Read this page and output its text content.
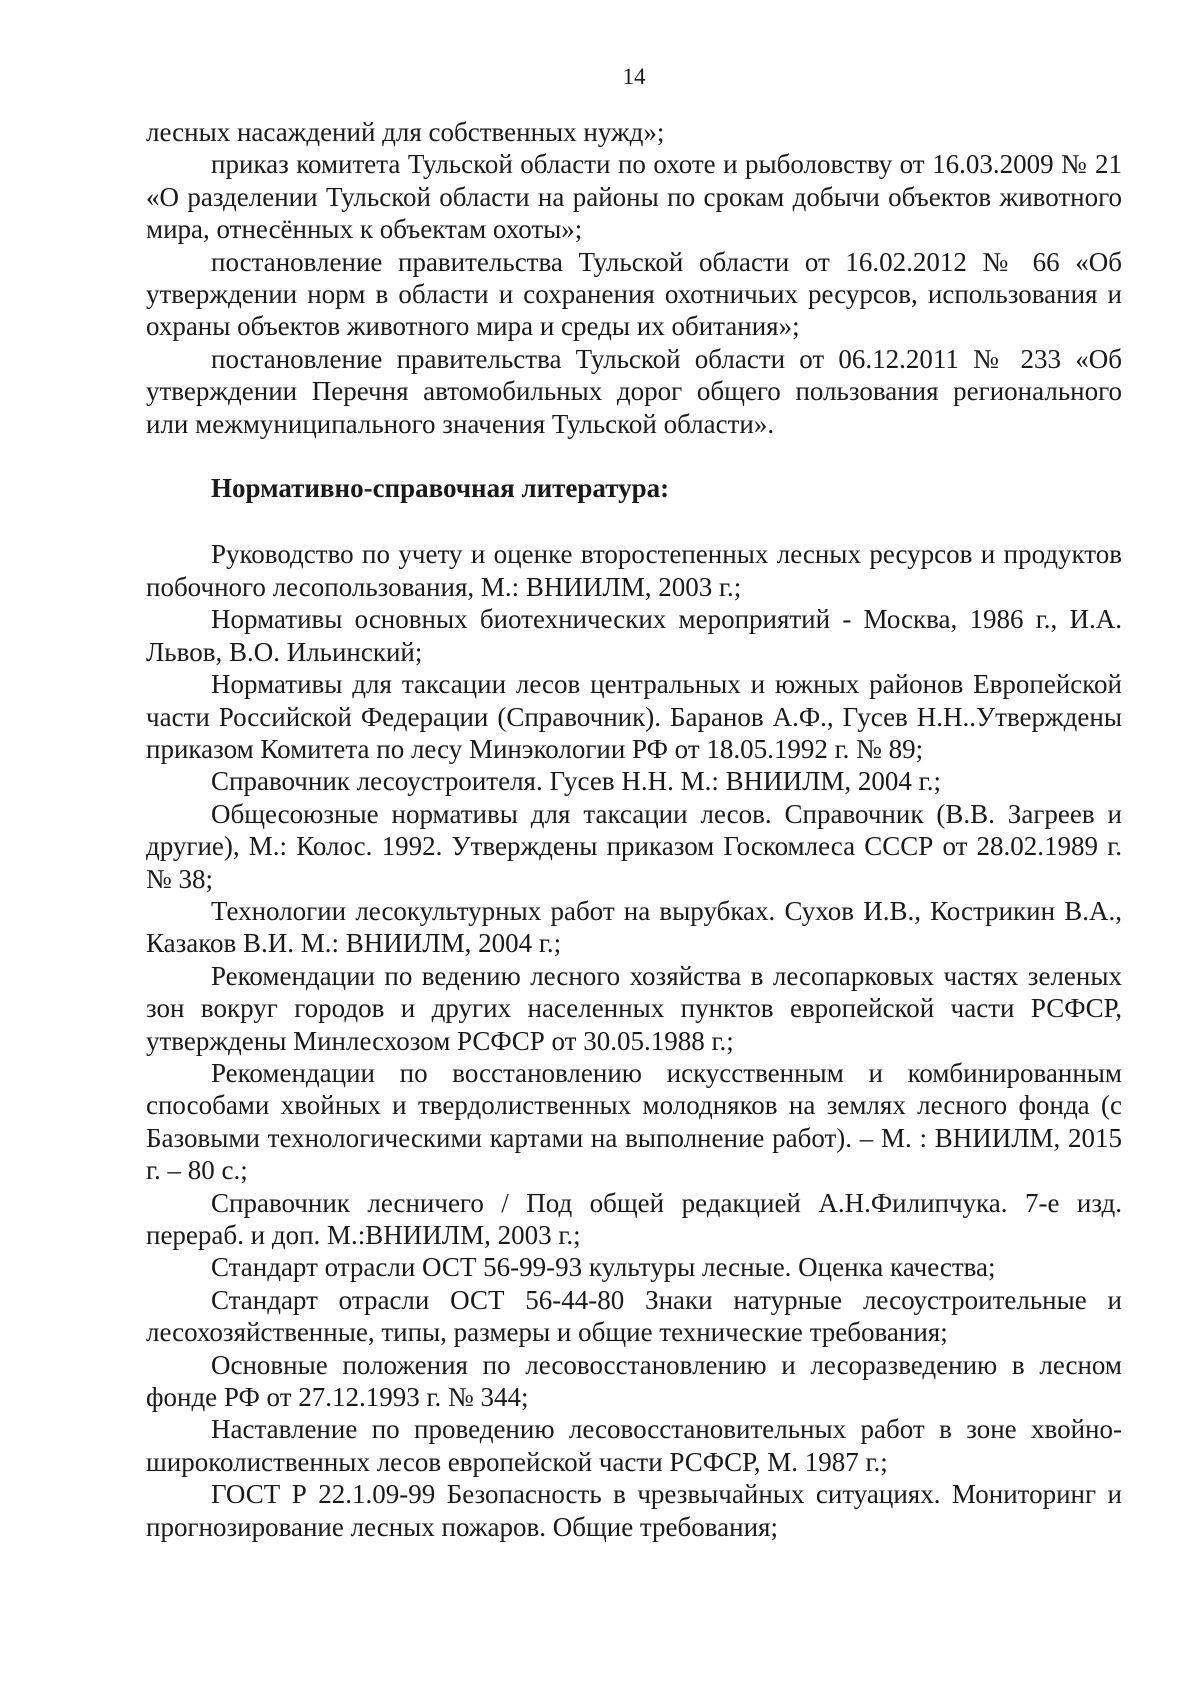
14

лесных насаждений для собственных нужд»;

приказ комитета Тульской области по охоте и рыболовству от 16.03.2009 № 21 «О разделении Тульской области на районы по срокам добычи объектов животного мира, отнесённых к объектам охоты»;

постановление правительства Тульской области от 16.02.2012 № 66 «Об утверждении норм в области и сохранения охотничьих ресурсов, использования и охраны объектов животного мира и среды их обитания»;

постановление правительства Тульской области от 06.12.2011 № 233 «Об утверждении Перечня автомобильных дорог общего пользования регионального или межмуниципального значения Тульской области».

Нормативно-справочная литература:

Руководство по учету и оценке второстепенных лесных ресурсов и продуктов побочного лесопользования, М.: ВНИИЛМ, 2003 г.;

Нормативы основных биотехнических мероприятий - Москва, 1986 г., И.А. Львов, В.О. Ильинский;

Нормативы для таксации лесов центральных и южных районов Европейской части Российской Федерации (Справочник). Баранов А.Ф., Гусев Н.Н..Утверждены приказом Комитета по лесу Минэкологии РФ от 18.05.1992 г. № 89;

Справочник лесоустроителя. Гусев Н.Н. М.: ВНИИЛМ, 2004 г.;

Общесоюзные нормативы для таксации лесов. Справочник (В.В. Загреев и другие), М.: Колос. 1992. Утверждены приказом Госкомлеса СССР от 28.02.1989 г. № 38;

Технологии лесокультурных работ на вырубках. Сухов И.В., Кострикин В.А., Казаков В.И. М.: ВНИИЛМ, 2004 г.;

Рекомендации по ведению лесного хозяйства в лесопарковых частях зеленых зон вокруг городов и других населенных пунктов европейской части РСФСР, утверждены Минлесхозом РСФСР от 30.05.1988 г.;

Рекомендации по восстановлению искусственным и комбинированным способами хвойных и твердолиственных молодняков на землях лесного фонда (с Базовыми технологическими картами на выполнение работ). – М. : ВНИИЛМ, 2015 г. – 80 с.;

Справочник лесничего / Под общей редакцией А.Н.Филипчука. 7-е изд. перераб. и доп. М.:ВНИИЛМ, 2003 г.;

Стандарт отрасли ОСТ 56-99-93 культуры лесные. Оценка качества;

Стандарт отрасли ОСТ 56-44-80 Знаки натурные лесоустроительные и лесохозяйственные, типы, размеры и общие технические требования;

Основные положения по лесовосстановлению и лесоразведению в лесном фонде РФ от 27.12.1993 г. № 344;

Наставление по проведению лесовосстановительных работ в зоне хвойно-широколиственных лесов европейской части РСФСР, М. 1987 г.;

ГОСТ Р 22.1.09-99 Безопасность в чрезвычайных ситуациях. Мониторинг и прогнозирование лесных пожаров. Общие требования;
